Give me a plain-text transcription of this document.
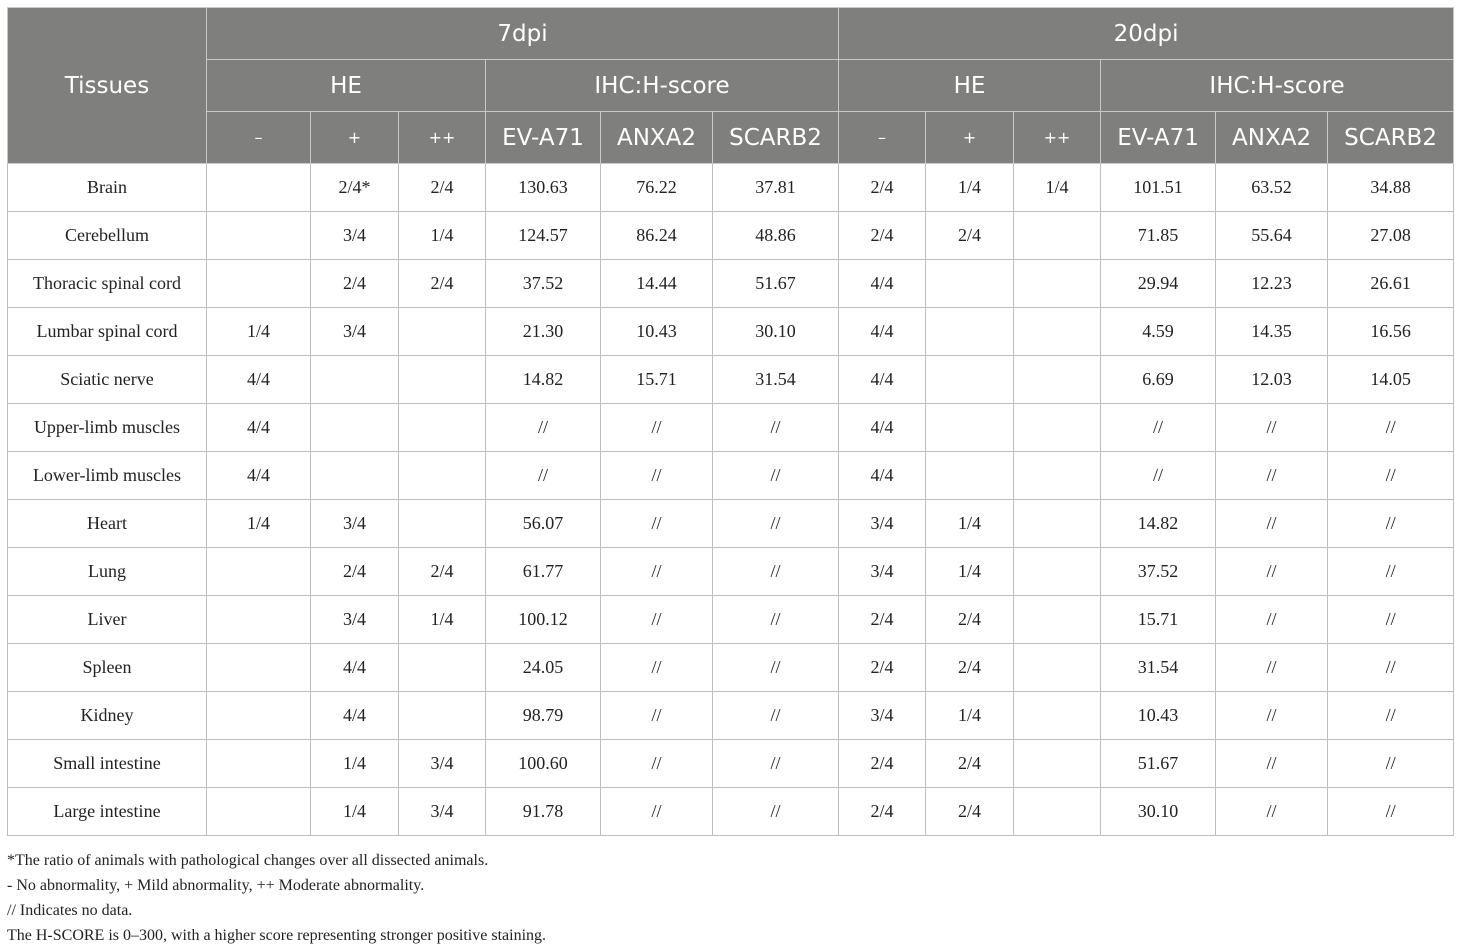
Tissues	7dpi						20dpi					
	HE			IHC:H-score			HE			IHC:H-score		
	–	+	++	EV-A71	ANXA2	SCARB2	–	+	++	EV-A71	ANXA2	SCARB2
Brain		2/4*	2/4	130.63	76.22	37.81	2/4	1/4	1/4	101.51	63.52	34.88
Cerebellum		3/4	1/4	124.57	86.24	48.86	2/4	2/4		71.85	55.64	27.08
Thoracic spinal cord		2/4	2/4	37.52	14.44	51.67	4/4			29.94	12.23	26.61
Lumbar spinal cord	1/4	3/4		21.30	10.43	30.10	4/4			4.59	14.35	16.56
Sciatic nerve	4/4			14.82	15.71	31.54	4/4			6.69	12.03	14.05
Upper-limb muscles	4/4			//	//	//	4/4			//	//	//
Lower-limb muscles	4/4			//	//	//	4/4			//	//	//
Heart	1/4	3/4		56.07	//	//	3/4	1/4		14.82	//	//
Lung		2/4	2/4	61.77	//	//	3/4	1/4		37.52	//	//
Liver		3/4	1/4	100.12	//	//	2/4	2/4		15.71	//	//
Spleen		4/4		24.05	//	//	2/4	2/4		31.54	//	//
Kidney		4/4		98.79	//	//	3/4	1/4		10.43	//	//
Small intestine		1/4	3/4	100.60	//	//	2/4	2/4		51.67	//	//
Large intestine		1/4	3/4	91.78	//	//	2/4	2/4		30.10	//	//
*The ratio of animals with pathological changes over all dissected animals.
- No abnormality, + Mild abnormality, ++ Moderate abnormality.
// Indicates no data.
The H-SCORE is 0–300, with a higher score representing stronger positive staining.
